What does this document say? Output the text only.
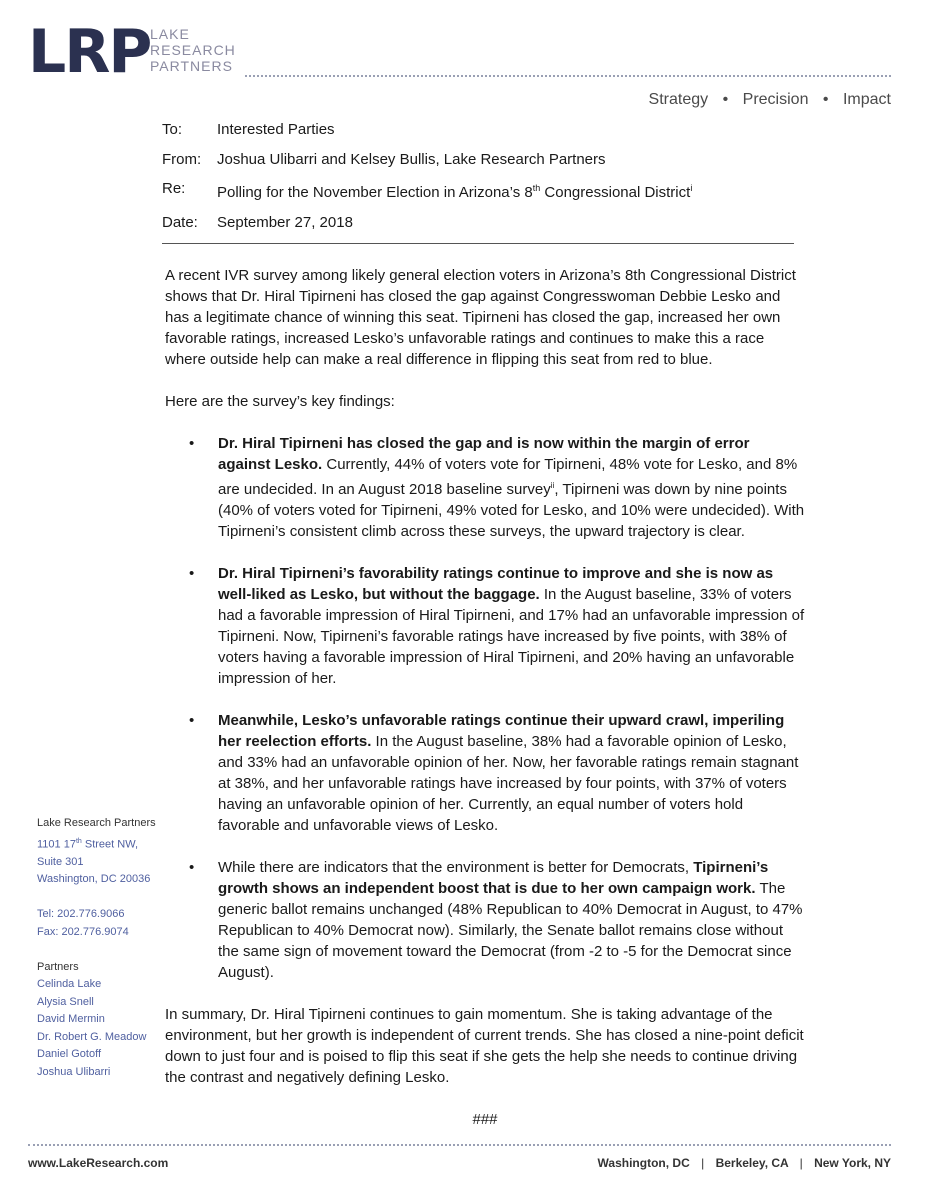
LRP LAKE
RESEARCH
PARTNERS
Strategy • Precision • Impact
To:	Interested Parties
From:	Joshua Ulibarri and Kelsey Bullis, Lake Research Partners
Re:	Polling for the November Election in Arizona’s 8th Congressional District$^i$
Date:	September 27, 2018

A recent IVR survey among likely general election voters in Arizona’s 8th Congressional District shows that Dr. Hiral Tipirneni has closed the gap against Congresswoman Debbie Lesko and has a legitimate chance of winning this seat. Tipirneni has closed the gap, increased her own favorable ratings, increased Lesko’s unfavorable ratings and continues to make this a race where outside help can make a real difference in flipping this seat from red to blue.

Here are the survey’s key findings:

• Dr. Hiral Tipirneni has closed the gap and is now within the margin of error against Lesko. Currently, 44% of voters vote for Tipirneni, 48% vote for Lesko, and 8% are undecided. In an August 2018 baseline survey$^{ii}$, Tipirneni was down by nine points (40% of voters voted for Tipirneni, 49% voted for Lesko, and 10% were undecided). With Tipirneni’s consistent climb across these surveys, the upward trajectory is clear.
• Dr. Hiral Tipirneni’s favorability ratings continue to improve and she is now as well-liked as Lesko, but without the baggage. In the August baseline, 33% of voters had a favorable impression of Hiral Tipirneni, and 17% had an unfavorable impression of Tipirneni. Now, Tipirneni’s favorable ratings have increased by five points, with 38% of voters having a favorable impression of Hiral Tipirneni, and 20% having an unfavorable impression of her.
• Meanwhile, Lesko’s unfavorable ratings continue their upward crawl, imperiling her reelection efforts. In the August baseline, 38% had a favorable opinion of Lesko, and 33% had an unfavorable opinion of her. Now, her favorable ratings remain stagnant at 38%, and her unfavorable ratings have increased by four points, with 37% of voters having an unfavorable opinion of her. Currently, an equal number of voters hold favorable and unfavorable views of Lesko.
• While there are indicators that the environment is better for Democrats, Tipirneni’s growth shows an independent boost that is due to her own campaign work. The generic ballot remains unchanged (48% Republican to 40% Democrat in August, to 47% Republican to 40% Democrat now). Similarly, the Senate ballot remains close without the same sign of movement toward the Democrat (from -2 to -5 for the Democrat since August).

In summary, Dr. Hiral Tipirneni continues to gain momentum. She is taking advantage of the environment, but her growth is independent of current trends. She has closed a nine-point deficit down to just four and is poised to flip this seat if she gets the help she needs to continue driving the contrast and negatively defining Lesko.

###
Lake Research Partners
1101 17th Street NW,
Suite 301
Washington, DC 20036
Tel: 202.776.9066
Fax: 202.776.9074
Partners
Celinda Lake
Alysia Snell
David Mermin
Dr. Robert G. Meadow
Daniel Gotoff
Joshua Ulibarri
www.LakeResearch.com	Washington, DC | Berkeley, CA | New York, NY
